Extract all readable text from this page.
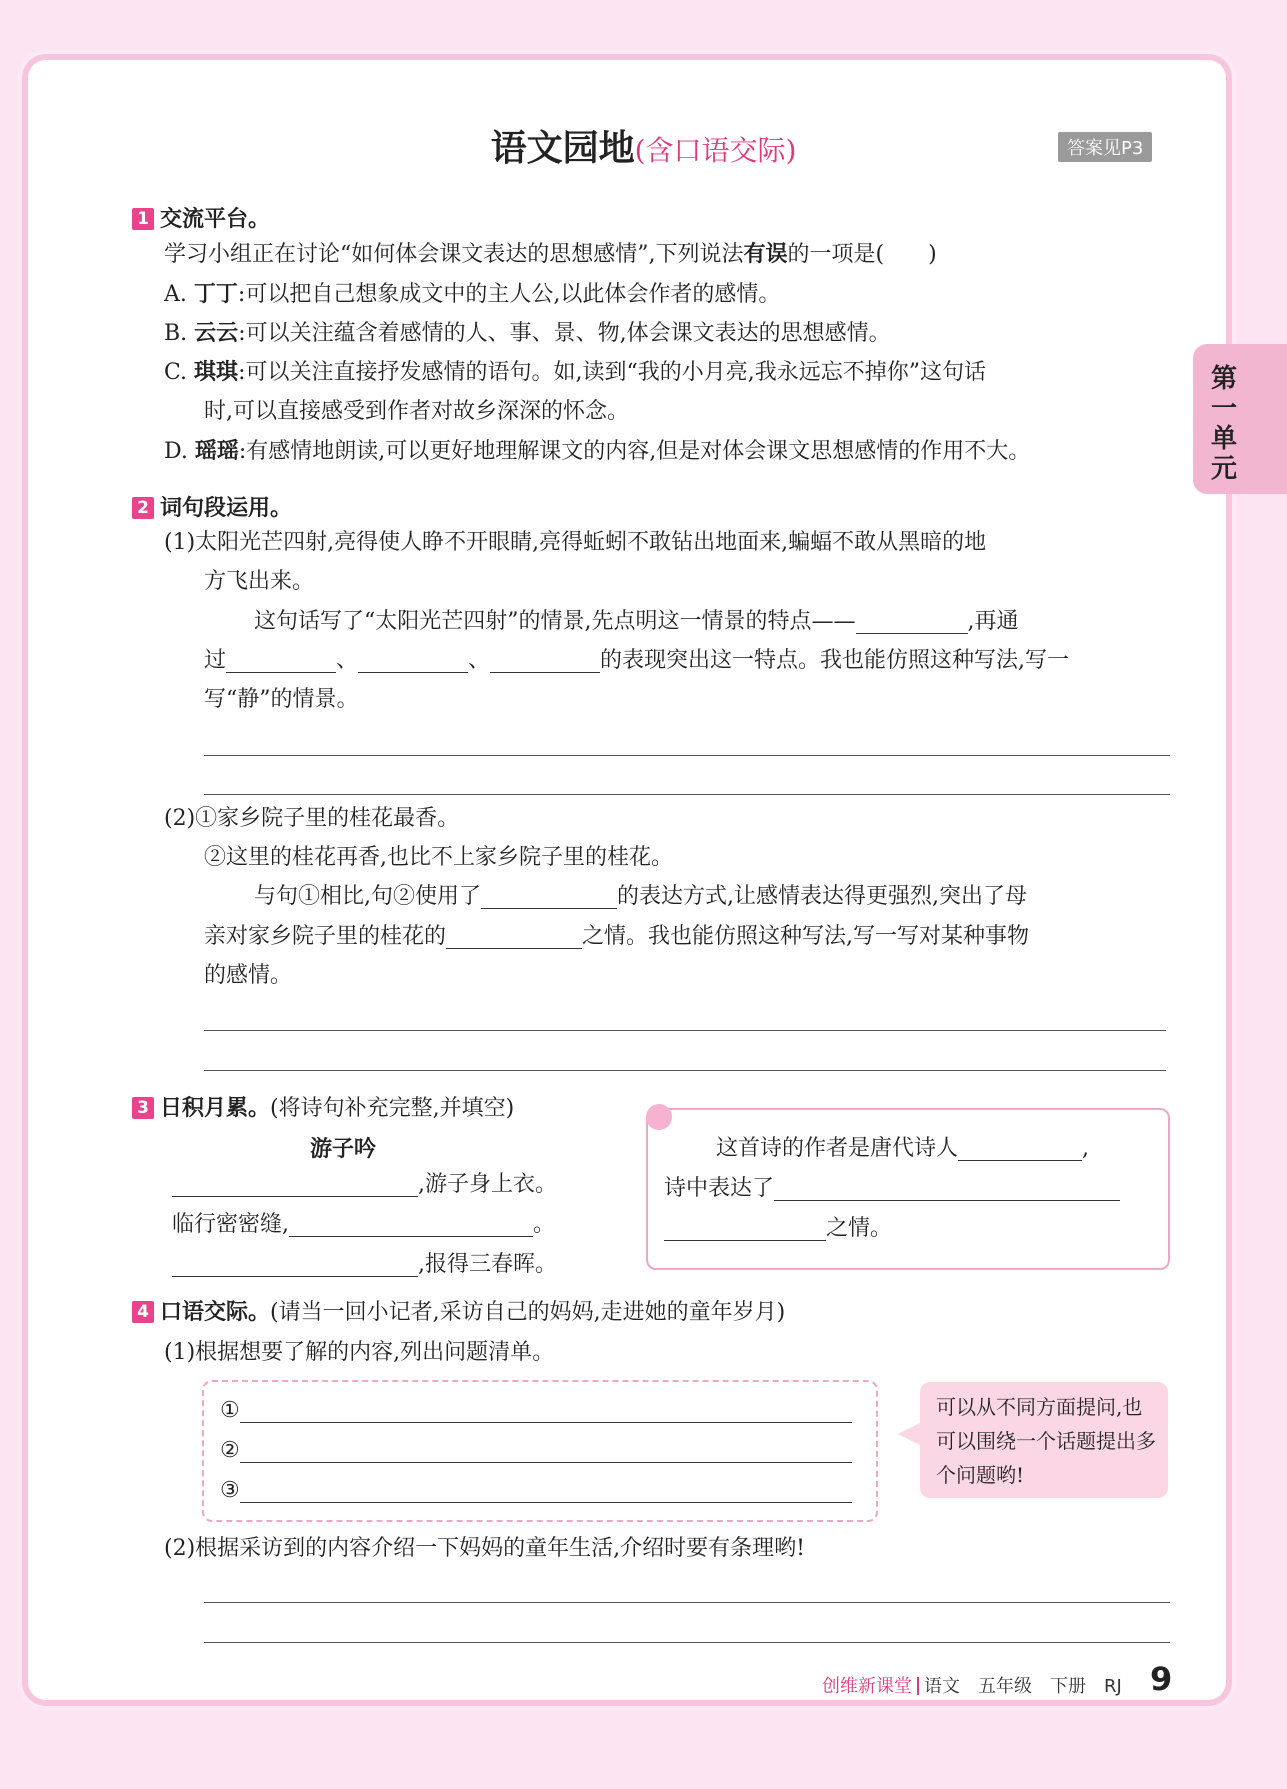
语文园地(含口语交际)	答案见P3
第一单元
1 交流平台。
学习小组正在讨论“如何体会课文表达的思想感情”,下列说法有误的一项是(　　)
A. 丁丁:可以把自己想象成文中的主人公,以此体会作者的感情。
B. 云云:可以关注蕴含着感情的人、事、景、物,体会课文表达的思想感情。
C. 琪琪:可以关注直接抒发感情的语句。如,读到“我的小月亮,我永远忘不掉你”这句话
时,可以直接感受到作者对故乡深深的怀念。
D. 瑶瑶:有感情地朗读,可以更好地理解课文的内容,但是对体会课文思想感情的作用不大。
2 词句段运用。
(1)太阳光芒四射,亮得使人睁不开眼睛,亮得蚯蚓不敢钻出地面来,蝙蝠不敢从黑暗的地
方飞出来。
这句话写了“太阳光芒四射”的情景,先点明这一情景的特点——	,再通
过	、	、	的表现突出这一特点。我也能仿照这种写法,写一
写“静”的情景。
(2)①家乡院子里的桂花最香。
②这里的桂花再香,也比不上家乡院子里的桂花。
与句①相比,句②使用了	的表达方式,让感情表达得更强烈,突出了母
亲对家乡院子里的桂花的	之情。我也能仿照这种写法,写一写对某种事物
的感情。
3 日积月累。(将诗句补充完整,并填空)
游子吟
,游子身上衣。
临行密密缝,	。
,报得三春晖。
这首诗的作者是唐代诗人	,
诗中表达了
之情。
4 口语交际。(请当一回小记者,采访自己的妈妈,走进她的童年岁月)
(1)根据想要了解的内容,列出问题清单。
①
②
③
可以从不同方面提问,也可以围绕一个话题提出多个问题哟!
(2)根据采访到的内容介绍一下妈妈的童年生活,介绍时要有条理哟!
创维新课堂 语文　五年级　下册　RJ 9
